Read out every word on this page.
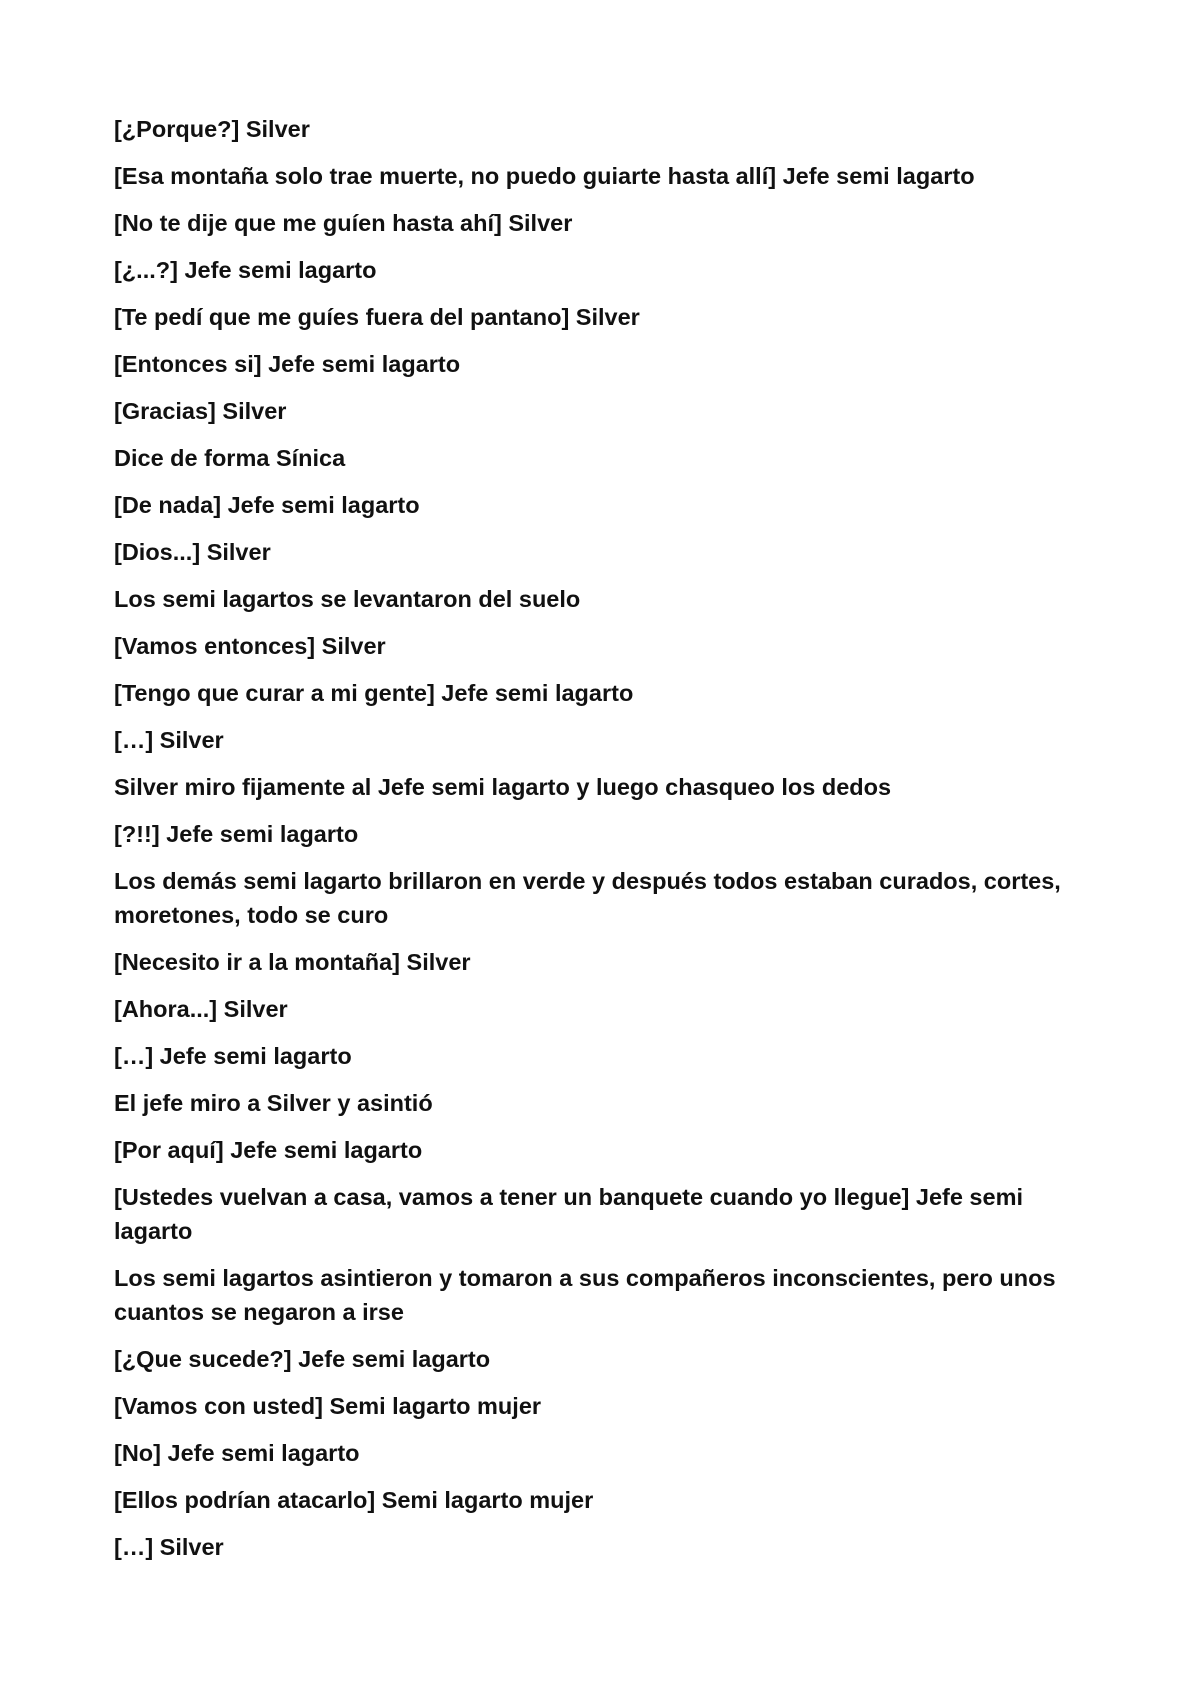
[¿Porque?] Silver

[Esa montaña solo trae muerte, no puedo guiarte hasta allí] Jefe semi lagarto

[No te dije que me guíen hasta ahí] Silver

[¿...?] Jefe semi lagarto

[Te pedí que me guíes fuera del pantano] Silver

[Entonces si] Jefe semi lagarto

[Gracias] Silver

Dice de forma Sínica

[De nada] Jefe semi lagarto

[Dios...] Silver

Los semi lagartos se levantaron del suelo

[Vamos entonces] Silver

[Tengo que curar a mi gente] Jefe semi lagarto

[…] Silver

Silver miro fijamente al Jefe semi lagarto y luego chasqueo los dedos

[?!!] Jefe semi lagarto

Los demás semi lagarto brillaron en verde y después todos estaban curados, cortes, moretones, todo se curo

[Necesito ir a la montaña] Silver

[Ahora...] Silver

[…] Jefe semi lagarto

El jefe miro a Silver y asintió

[Por aquí] Jefe semi lagarto

[Ustedes vuelvan a casa, vamos a tener un banquete cuando yo llegue] Jefe semi lagarto

Los semi lagartos asintieron y tomaron a sus compañeros inconscientes, pero unos cuantos se negaron a irse

[¿Que sucede?] Jefe semi lagarto

[Vamos con usted] Semi lagarto mujer

[No] Jefe semi lagarto

[Ellos podrían atacarlo] Semi lagarto mujer

[…] Silver
